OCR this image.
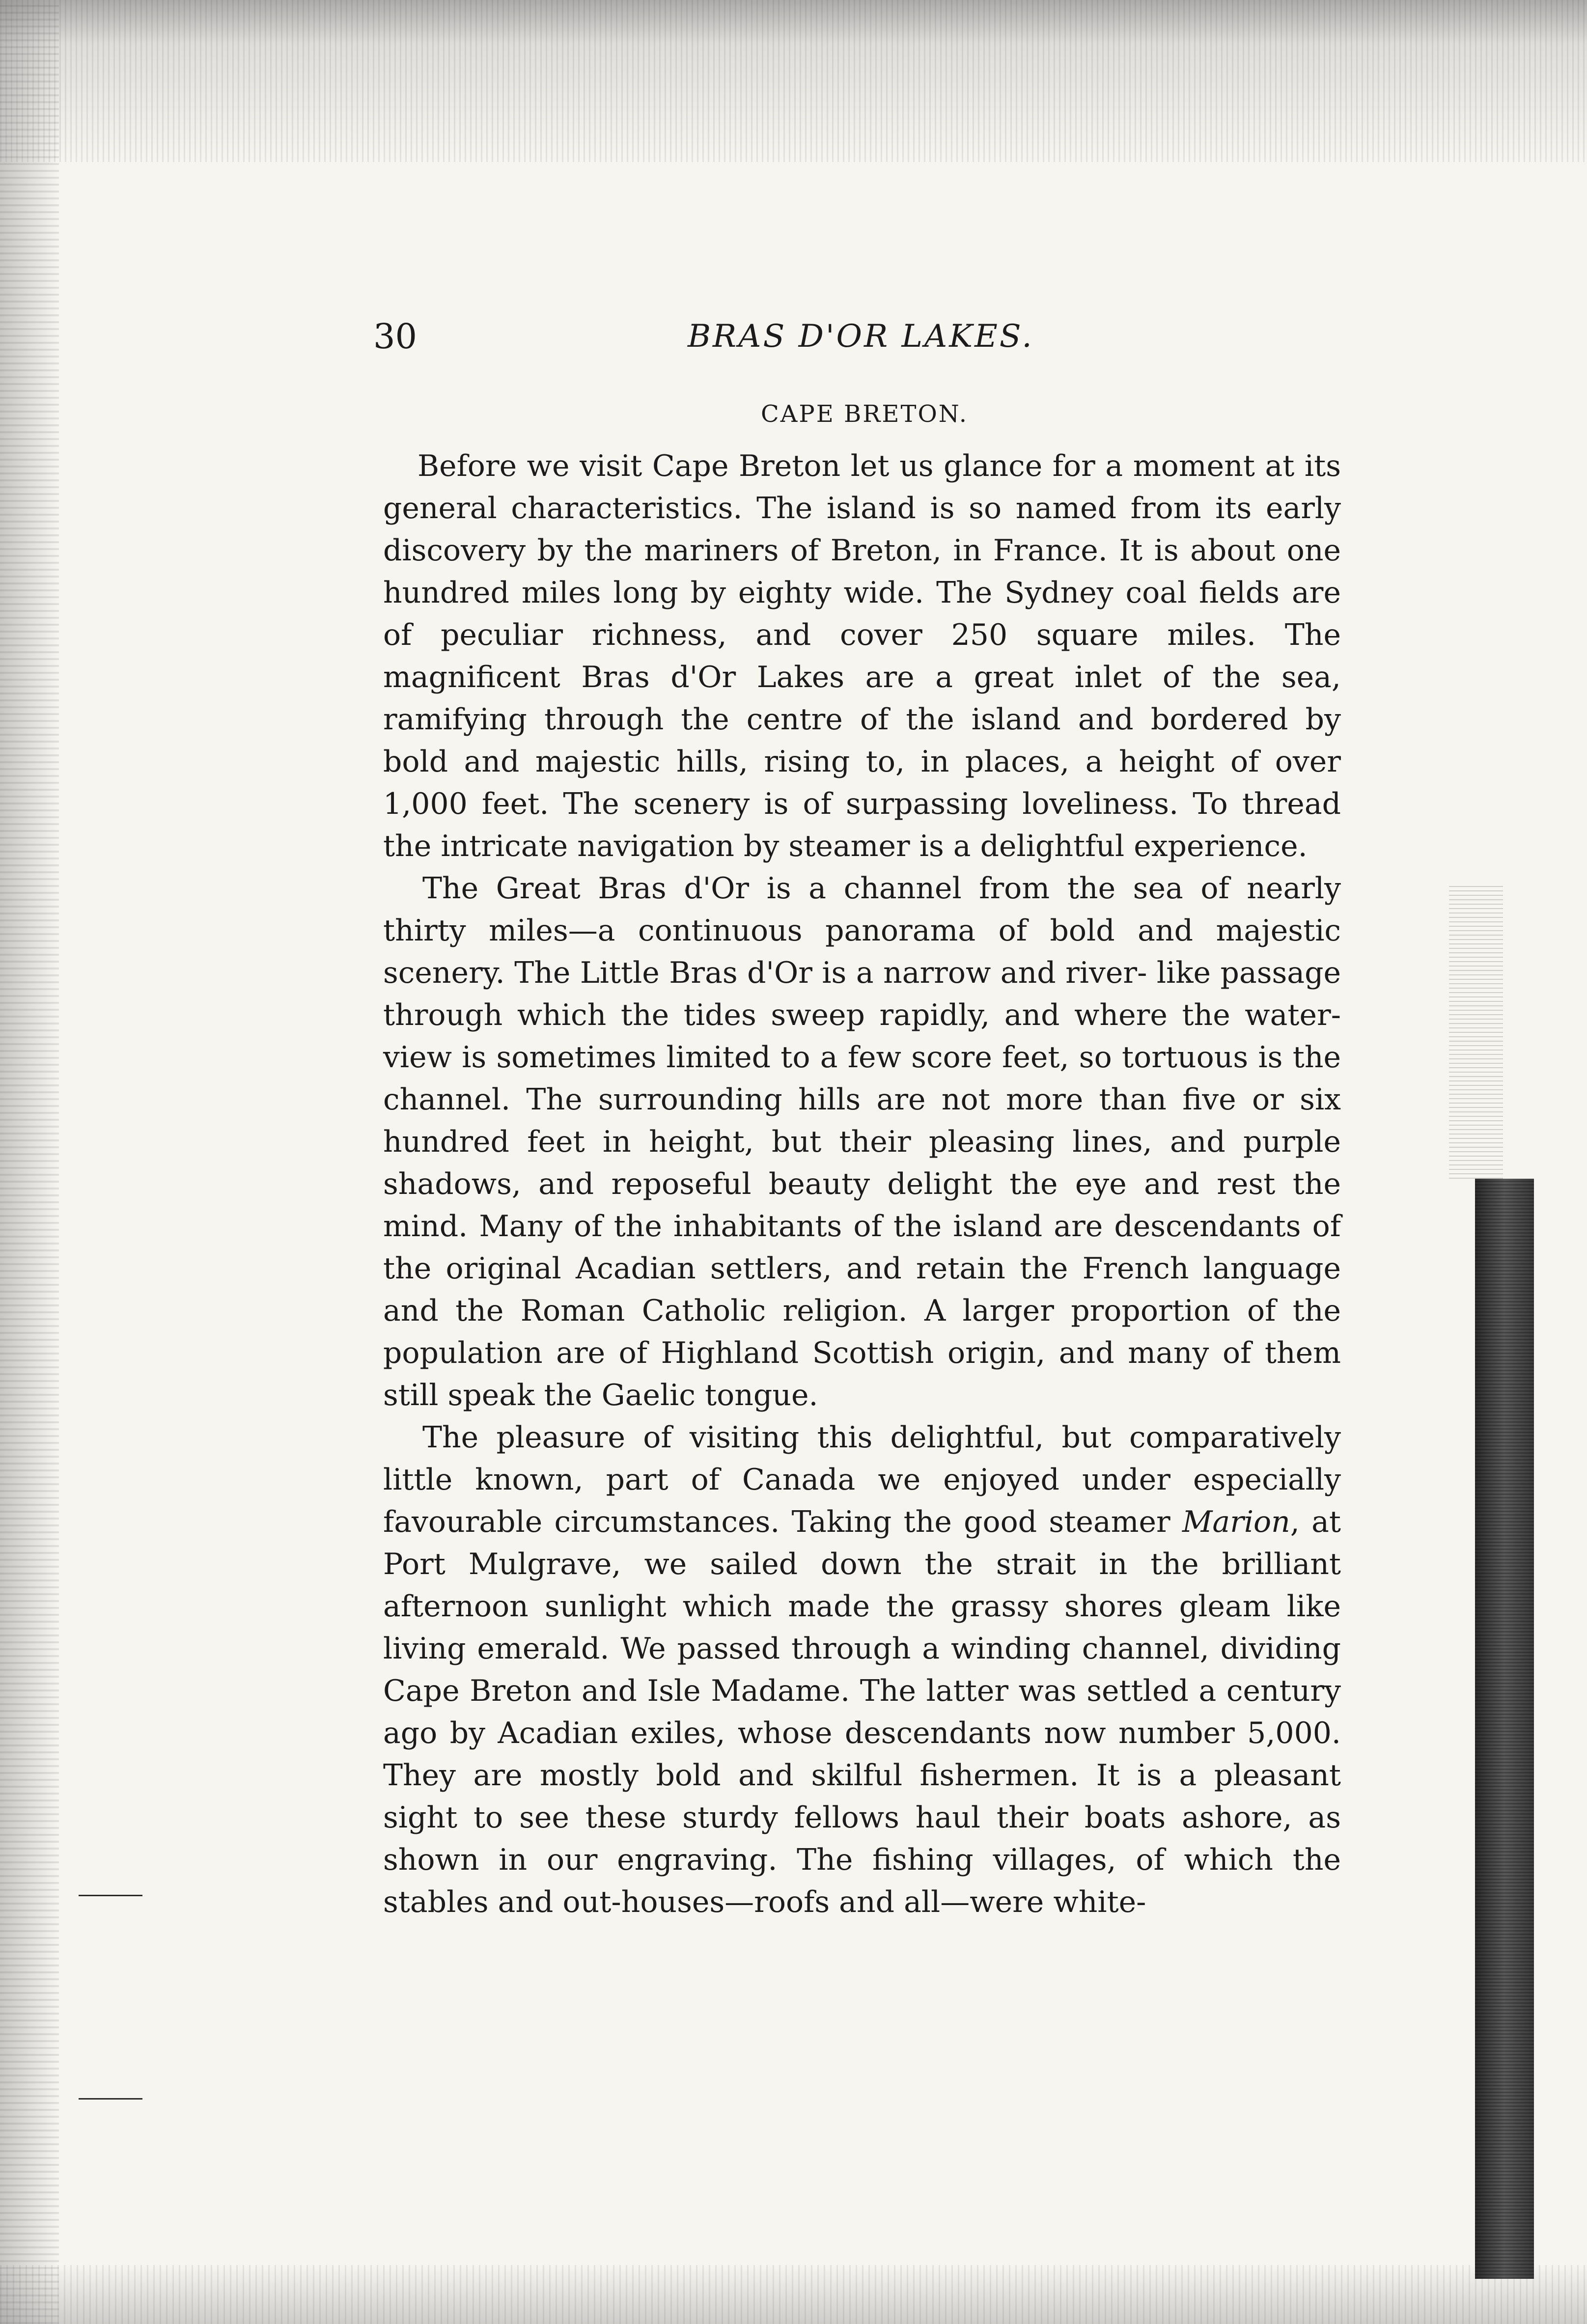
30	BRAS D'OR LAKES.
CAPE BRETON.

Before we visit Cape Breton let us glance for a moment at its general characteristics. The island is so named from its early discovery by the mariners of Breton, in France. It is about one hundred miles long by eighty wide. The Sydney coal fields are of peculiar richness, and cover 250 square miles. The magnificent Bras d'Or Lakes are a great inlet of the sea, ramifying through the centre of the island and bordered by bold and majestic hills, rising to, in places, a height of over 1,000 feet. The scenery is of surpassing loveliness. To thread the intricate navigation by steamer is a delightful experience.

The Great Bras d'Or is a channel from the sea of nearly thirty miles—a continuous panorama of bold and majestic scenery. The Little Bras d'Or is a narrow and river- like passage through which the tides sweep rapidly, and where the water-view is sometimes limited to a few score feet, so tortuous is the channel. The surrounding hills are not more than five or six hundred feet in height, but their pleasing lines, and purple shadows, and reposeful beauty delight the eye and rest the mind. Many of the inhabitants of the island are descendants of the original Acadian settlers, and retain the French language and the Roman Catholic religion. A larger proportion of the population are of Highland Scottish origin, and many of them still speak the Gaelic tongue.

The pleasure of visiting this delightful, but comparatively little known, part of Canada we enjoyed under especially favourable circumstances. Taking the good steamer Marion, at Port Mulgrave, we sailed down the strait in the brilliant afternoon sunlight which made the grassy shores gleam like living emerald. We passed through a winding channel, dividing Cape Breton and Isle Madame. The latter was settled a century ago by Acadian exiles, whose descendants now number 5,000. They are mostly bold and skilful fishermen. It is a pleasant sight to see these sturdy fellows haul their boats ashore, as shown in our engraving. The fishing villages, of which the stables and out-houses—roofs and all—were white-
